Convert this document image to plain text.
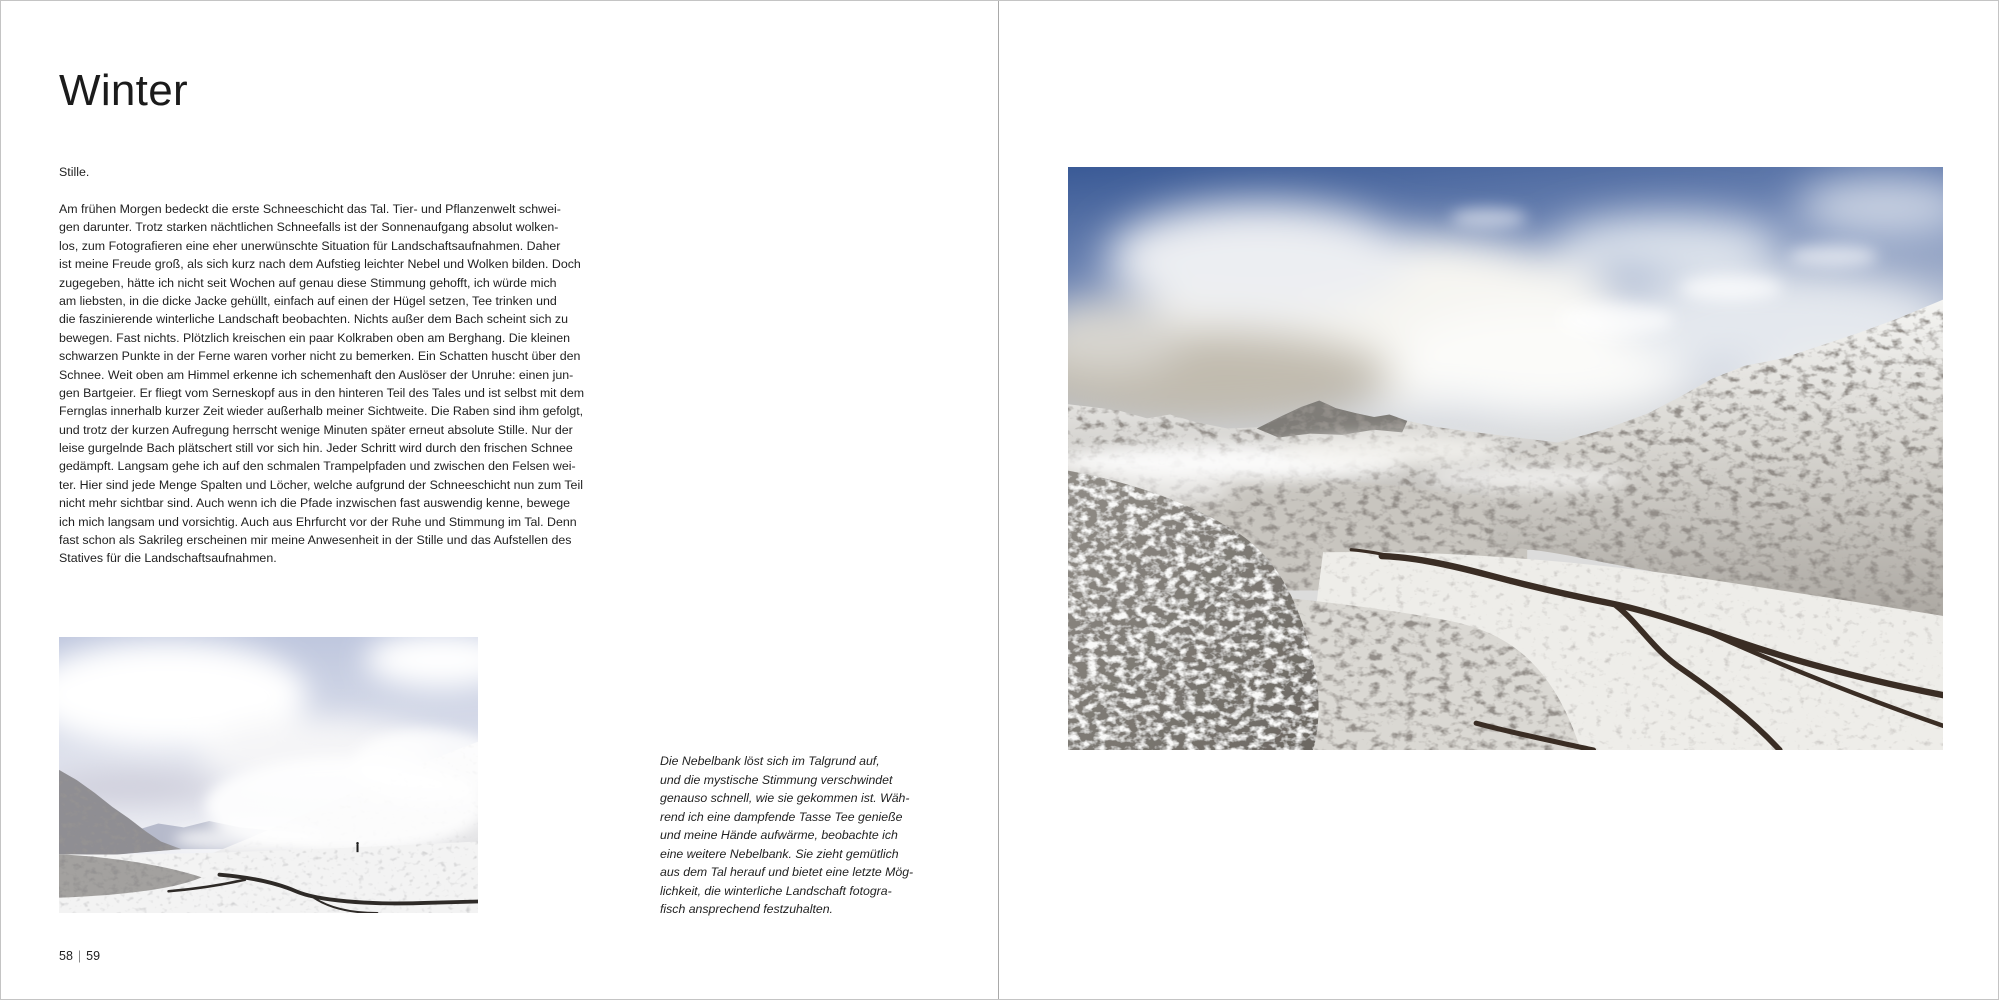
Winter

Stille.

Am frühen Morgen bedeckt die erste Schneeschicht das Tal. Tier- und Pflanzenwelt schwei-
gen darunter. Trotz starken nächtlichen Schneefalls ist der Sonnenaufgang absolut wolken-
los, zum Fotografieren eine eher unerwünschte Situation für Landschaftsaufnahmen. Daher
ist meine Freude groß, als sich kurz nach dem Aufstieg leichter Nebel und Wolken bilden. Doch
zugegeben, hätte ich nicht seit Wochen auf genau diese Stimmung gehofft, ich würde mich
am liebsten, in die dicke Jacke gehüllt, einfach auf einen der Hügel setzen, Tee trinken und
die faszinierende winterliche Landschaft beobachten. Nichts außer dem Bach scheint sich zu
bewegen. Fast nichts. Plötzlich kreischen ein paar Kolkraben oben am Berghang. Die kleinen
schwarzen Punkte in der Ferne waren vorher nicht zu bemerken. Ein Schatten huscht über den
Schnee. Weit oben am Himmel erkenne ich schemenhaft den Auslöser der Unruhe: einen jun-
gen Bartgeier. Er fliegt vom Serneskopf aus in den hinteren Teil des Tales und ist selbst mit dem
Fernglas innerhalb kurzer Zeit wieder außerhalb meiner Sichtweite. Die Raben sind ihm gefolgt,
und trotz der kurzen Aufregung herrscht wenige Minuten später erneut absolute Stille. Nur der
leise gurgelnde Bach plätschert still vor sich hin. Jeder Schritt wird durch den frischen Schnee
gedämpft. Langsam gehe ich auf den schmalen Trampelpfaden und zwischen den Felsen wei-
ter. Hier sind jede Menge Spalten und Löcher, welche aufgrund der Schneeschicht nun zum Teil
nicht mehr sichtbar sind. Auch wenn ich die Pfade inzwischen fast auswendig kenne, bewege
ich mich langsam und vorsichtig. Auch aus Ehrfurcht vor der Ruhe und Stimmung im Tal. Denn
fast schon als Sakrileg erscheinen mir meine Anwesenheit in der Stille und das Aufstellen des
Statives für die Landschaftsaufnahmen.
Die Nebelbank löst sich im Talgrund auf,
und die mystische Stimmung verschwindet
genauso schnell, wie sie gekommen ist. Wäh-
rend ich eine dampfende Tasse Tee genieße
und meine Hände aufwärme, beobachte ich
eine weitere Nebelbank. Sie zieht gemütlich
aus dem Tal herauf und bietet eine letzte Mög-
lichkeit, die winterliche Landschaft fotogra-
fisch ansprechend festzuhalten.
58 | 59
